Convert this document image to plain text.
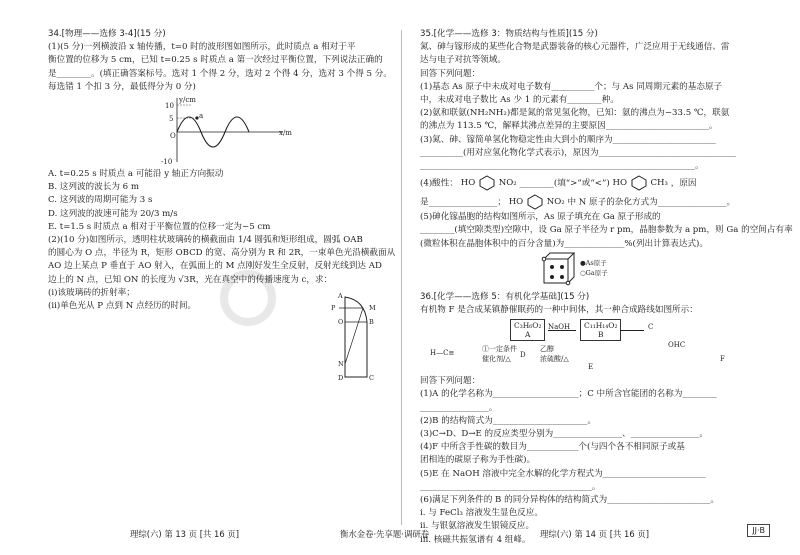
34.[物理——选修 3-4](15 分)

(1)(5 分)一列横波沿 x 轴传播，t=0 时的波形图如图所示，此时质点 a 相对于平

衡位置的位移为 5 cm，已知 t=0.25 s 时质点 a 第一次经过平衡位置，下列说法正确的

是________。(填正确答案标号。选对 1 个得 2 分，选对 2 个得 4 分，选对 3 个得 5 分。

每选错 1 个扣 3 分，最低得分为 0 分)

y/cm
x/m
10
5
-10
O
a

A. t=0.25 s 时质点 a 可能沿 y 轴正方向振动

B. 这列波的波长为 6 m

C. 这列波的周期可能为 3 s

D. 这列波的波速可能为 20/3 m/s

E. t=1.5 s 时质点 a 相对于平衡位置的位移一定为−5 cm

(2)(10 分)如图所示，透明柱状玻璃砖的横截面由 1/4 圆弧和矩形组成，圆弧 OAB

的圆心为 O 点，半径为 R，矩形 OBCD 的宽、高分别为 R 和 2R，一束单色光沿横截面从

AO 边上某点 P 垂直于 AO 射入，在弧面上的 M 点刚好发生全反射，反射光线到达 AD

边上的 N 点，已知 ON 的长度为 √3R，光在真空中的传播速度为 c，求：

(ⅰ)该玻璃砖的折射率；

(ⅱ)单色光从 P 点到 N 点经历的时间。

A
P
O
M
B
N
D	C

35.[化学——选修 3：物质结构与性质](15 分)

氮、砷与镓形成的某些化合物是武器装备的核心元器件，广泛应用于无线通信、雷

达与电子对抗等领域。

回答下列问题：

(1)基态 As 原子中未成对电子数有__________个；与 As 同周期元素的基态原子

中，未成对电子数比 As 少 1 的元素有________种。

(2)氨和联氨(NH₂NH₂)都是氮的常见氢化物，已知：氨的沸点为−33.5 ℃，联氨

的沸点为 113.5 ℃，解释其沸点差异的主要原因________________________。

(3)氮、砷、镓简单氢化物稳定性由大到小的顺序为________________________

__________(用对应氢化物化学式表示)，原因为________________________________

________________________________________________________________。

(4)酸性： HO	NO₂ ________(填“>”或“<”) HO	CH₃ ，原因

是________________； HO	NO₂ 中 N 原子的杂化方式为________________。

(5)砷化镓晶胞的结构如图所示，As 原子填充在 Ga 原子形成的

________(填空隙类型)空隙中，设 Ga 原子半径为 r pm，晶胞参数为 a pm，则 Ga 的空间占有率

(微粒体积在晶胞体积中的百分含量)为______________%(列出计算表达式)。

●As原子
○Ga原子

36.[化学——选修 5：有机化学基础](15 分)

有机物 F 是合成某镇静催眠药的一种中间体，其一种合成路线如图所示：

C₃H₆O₂
A
NaOH C₁₁H₁₄O₂
B
C
OHC
F
H—C≡	①一定条件
催化剂/△ D
乙醇
浓硫酸/△
E

回答下列问题：

(1)A 的化学名称为____________________；C 中所含官能团的名称为________

________________。

(2)B 的结构简式为______________________。

(3)C→D、D→E 的反应类型分别为________________、________________。

(4)F 中所含手性碳的数目为____________个(与四个各不相同原子或基

团相连的碳原子称为手性碳)。

(5)E 在 NaOH 溶液中完全水解的化学方程式为________________________

________________________________________。

(6)满足下列条件的 B 的同分异构体的结构简式为________________________。

ⅰ. 与 FeCl₃ 溶液发生显色反应。

ⅱ. 与银氨溶液发生银镜反应。

ⅲ. 核磁共振氢谱有 4 组峰。

理综(六) 第 13 页 [共 16 页]	衡水金卷·先享题·调研卷	理综(六) 第 14 页 [共 16 页]	JJ·B
